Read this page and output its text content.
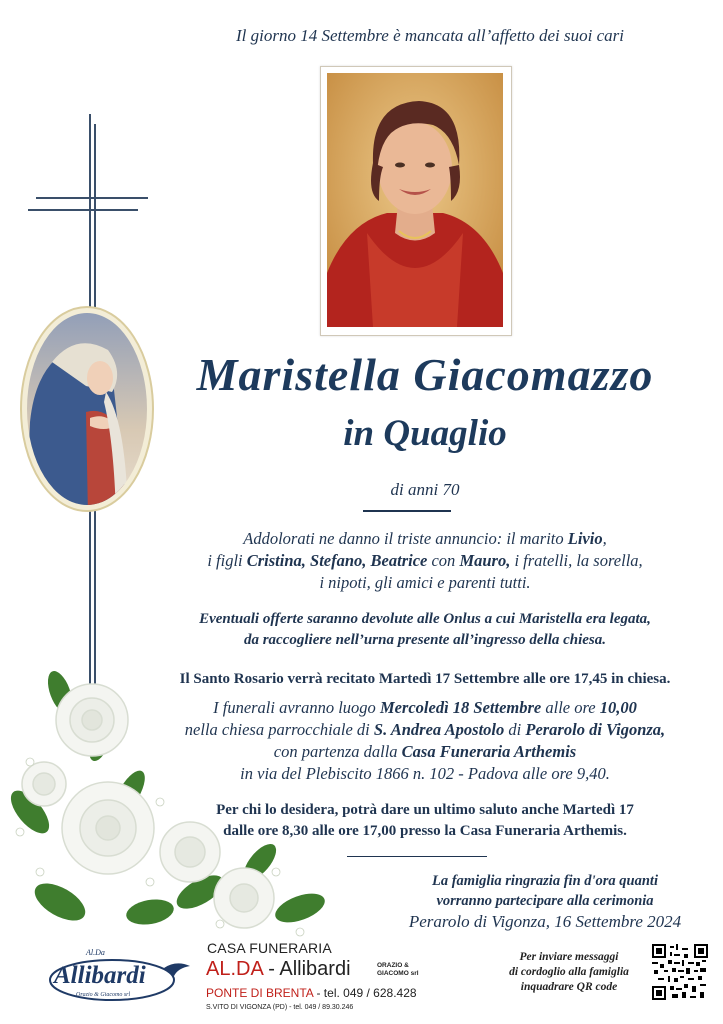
Il giorno 14 Settembre è mancata all’affetto dei suoi cari
Maristella Giacomazzo
in Quaglio
di anni 70
Addolorati ne danno il triste annuncio: il marito Livio,
i figli Cristina, Stefano, Beatrice con Mauro, i fratelli, la sorella,
i nipoti, gli amici e parenti tutti.
Eventuali offerte saranno devolute alle Onlus a cui Maristella era legata,
da raccogliere nell’urna presente all’ingresso della chiesa.
Il Santo Rosario verrà recitato Martedì 17 Settembre alle ore 17,45 in chiesa.
I funerali avranno luogo Mercoledì 18 Settembre alle ore 10,00
nella chiesa parrocchiale di S. Andrea Apostolo di Perarolo di Vigonza,
con partenza dalla Casa Funeraria Arthemis
in via del Plebiscito 1866 n. 102 - Padova alle ore 9,40.
Per chi lo desidera, potrà dare un ultimo saluto anche Martedì 17
dalle ore 8,30 alle ore 17,00 presso la Casa Funeraria Arthemis.
La famiglia ringrazia fin d'ora quanti
vorranno partecipare alla cerimonia
Perarolo di Vigonza, 16 Settembre 2024
Al.Da
Allibardi
Orazio & Giacomo srl
CASA FUNERARIA
AL.DA - Allibardi	ORAZIO &
GIACOMO srl
PONTE DI BRENTA - tel. 049 / 628.428
S.VITO DI VIGONZA (PD) - tel. 049 / 89.30.246
Per inviare messaggi
di cordoglio alla famiglia
inquadrare QR code
